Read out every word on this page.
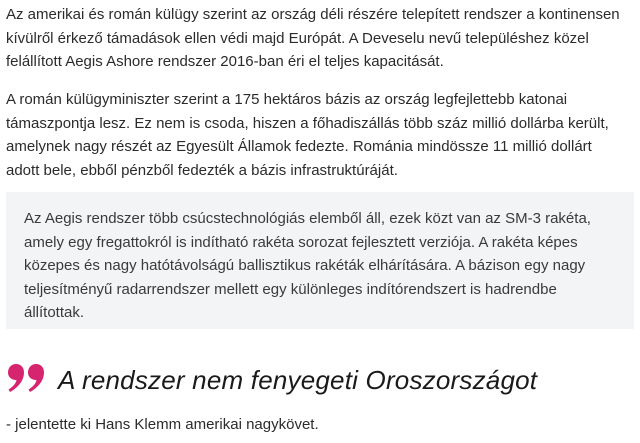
Az amerikai és román külügy szerint az ország déli részére telepített rendszer a kontinensen kívülről érkező támadások ellen védi majd Európát. A Deveselu nevű településhez közel felállított Aegis Ashore rendszer 2016-ban éri el teljes kapacitását.

A román külügyminiszter szerint a 175 hektáros bázis az ország legfejlettebb katonai támaszpontja lesz. Ez nem is csoda, hiszen a főhadiszállás több száz millió dollárba került, amelynek nagy részét az Egyesült Államok fedezte. Románia mindössze 11 millió dollárt adott bele, ebből pénzből fedezték a bázis infrastruktúráját.

Az Aegis rendszer több csúcstechnológiás elemből áll, ezek közt van az SM-3 rakéta, amely egy fregattokról is indítható rakéta sorozat fejlesztett verziója. A rakéta képes közepes és nagy hatótávolságú ballisztikus rakéták elhárítására. A bázison egy nagy teljesítményű radarrendszer mellett egy különleges indítórendszert is hadrendbe állítottak.

A rendszer nem fenyegeti Oroszországot

- jelentette ki Hans Klemm amerikai nagykövet.
